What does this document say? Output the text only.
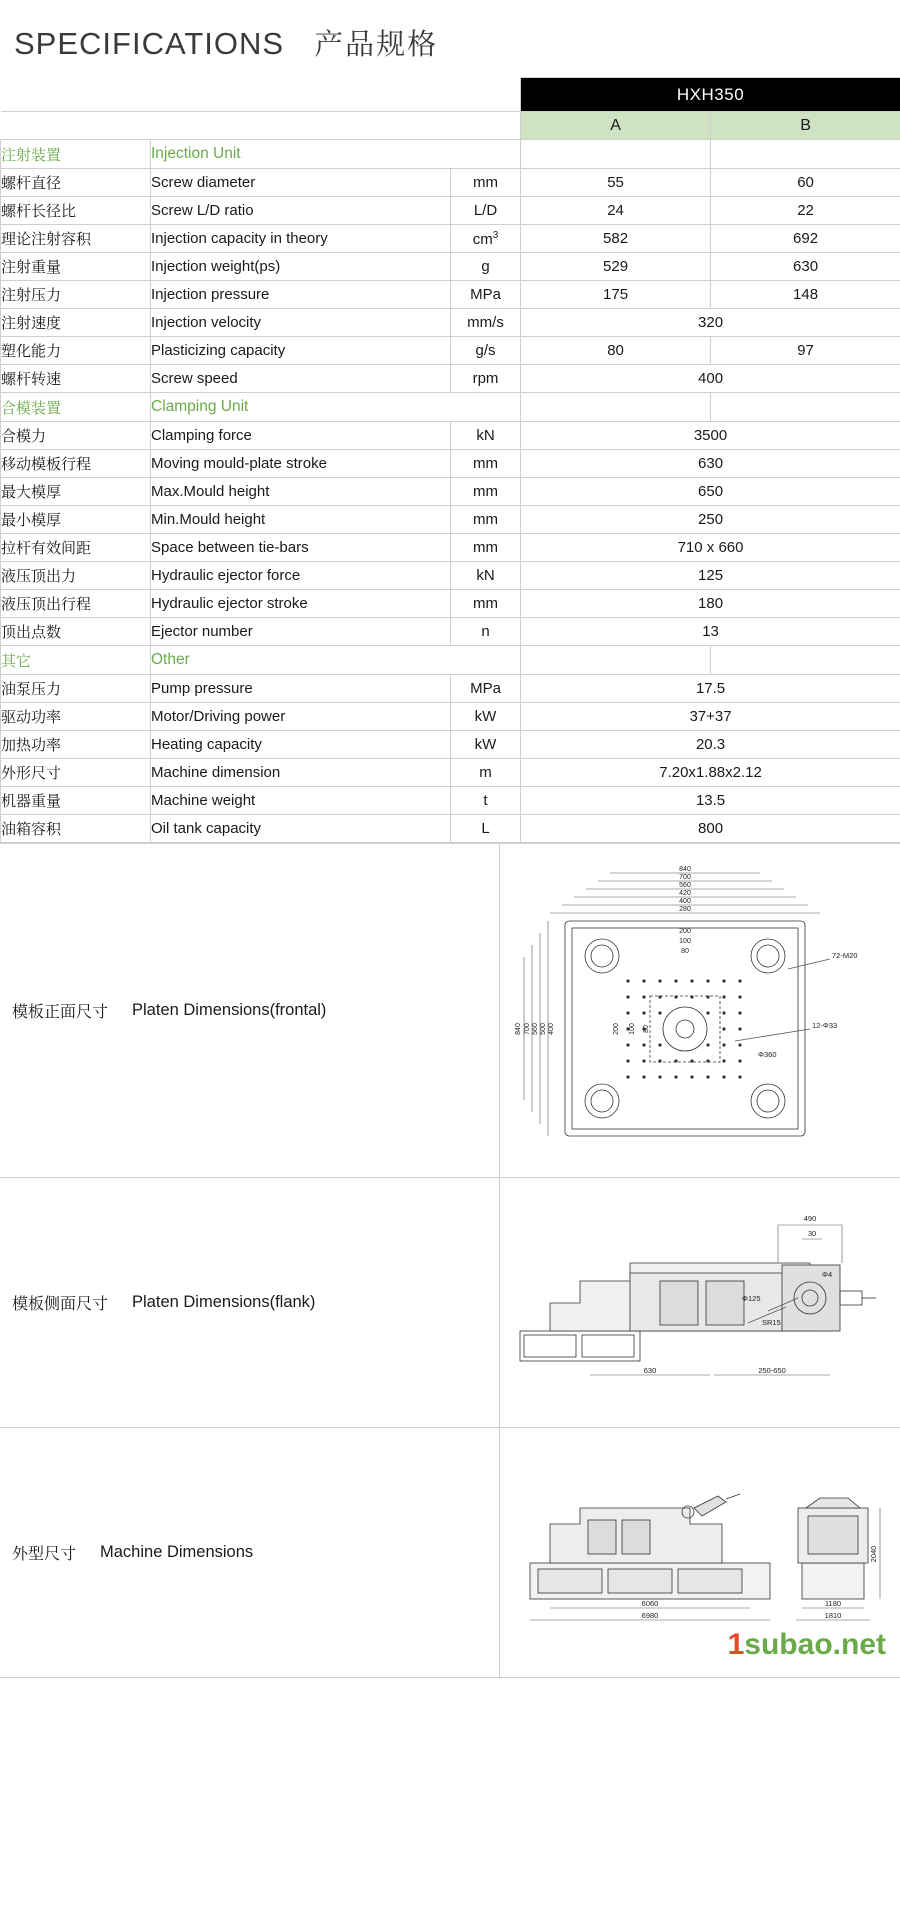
SPECIFICATIONS 产品规格
			HXH350	
			A	B
注射装置	Injection Unit			
螺杆直径	Screw diameter	mm	55	60
螺杆长径比	Screw L/D ratio	L/D	24	22
理论注射容积	Injection capacity in theory	$cm^3$	582	692
注射重量	Injection weight(ps)	g	529	630
注射压力	Injection pressure	MPa	175	148
注射速度	Injection velocity	mm/s	320	
塑化能力	Plasticizing capacity	g/s	80	97
螺杆转速	Screw speed	rpm	400	
合模装置	Clamping Unit			
合模力	Clamping force	kN	3500	
移动模板行程	Moving mould-plate stroke	mm	630	
最大模厚	Max.Mould height	mm	650	
最小模厚	Min.Mould height	mm	250	
拉杆有效间距	Space between tie-bars	mm	710 x 660	
液压顶出力	Hydraulic ejector force	kN	125	
液压顶出行程	Hydraulic ejector stroke	mm	180	
顶出点数	Ejector number	n	13	
其它	Other			
油泵压力	Pump pressure	MPa	17.5	
驱动功率	Motor/Driving power	kW	37+37	
加热功率	Heating capacity	kW	20.3	
外形尺寸	Machine dimension	m	7.20x1.88x2.12	
机器重量	Machine weight	t	13.5	
油箱容积	Oil tank capacity	L	800	
模板正面尺寸 Platen Dimensions(frontal)
840
700
560
420
400
280
200
100
80
840 700 560 500 400	200 100 80
72-M20
12-Φ33
Φ360
模板侧面尺寸 Platen Dimensions(flank)
490
30
630	250-650
Φ4
Φ125
SR15
外型尺寸 Machine Dimensions
6060
6980
2040
1180
1810
1subao.net
